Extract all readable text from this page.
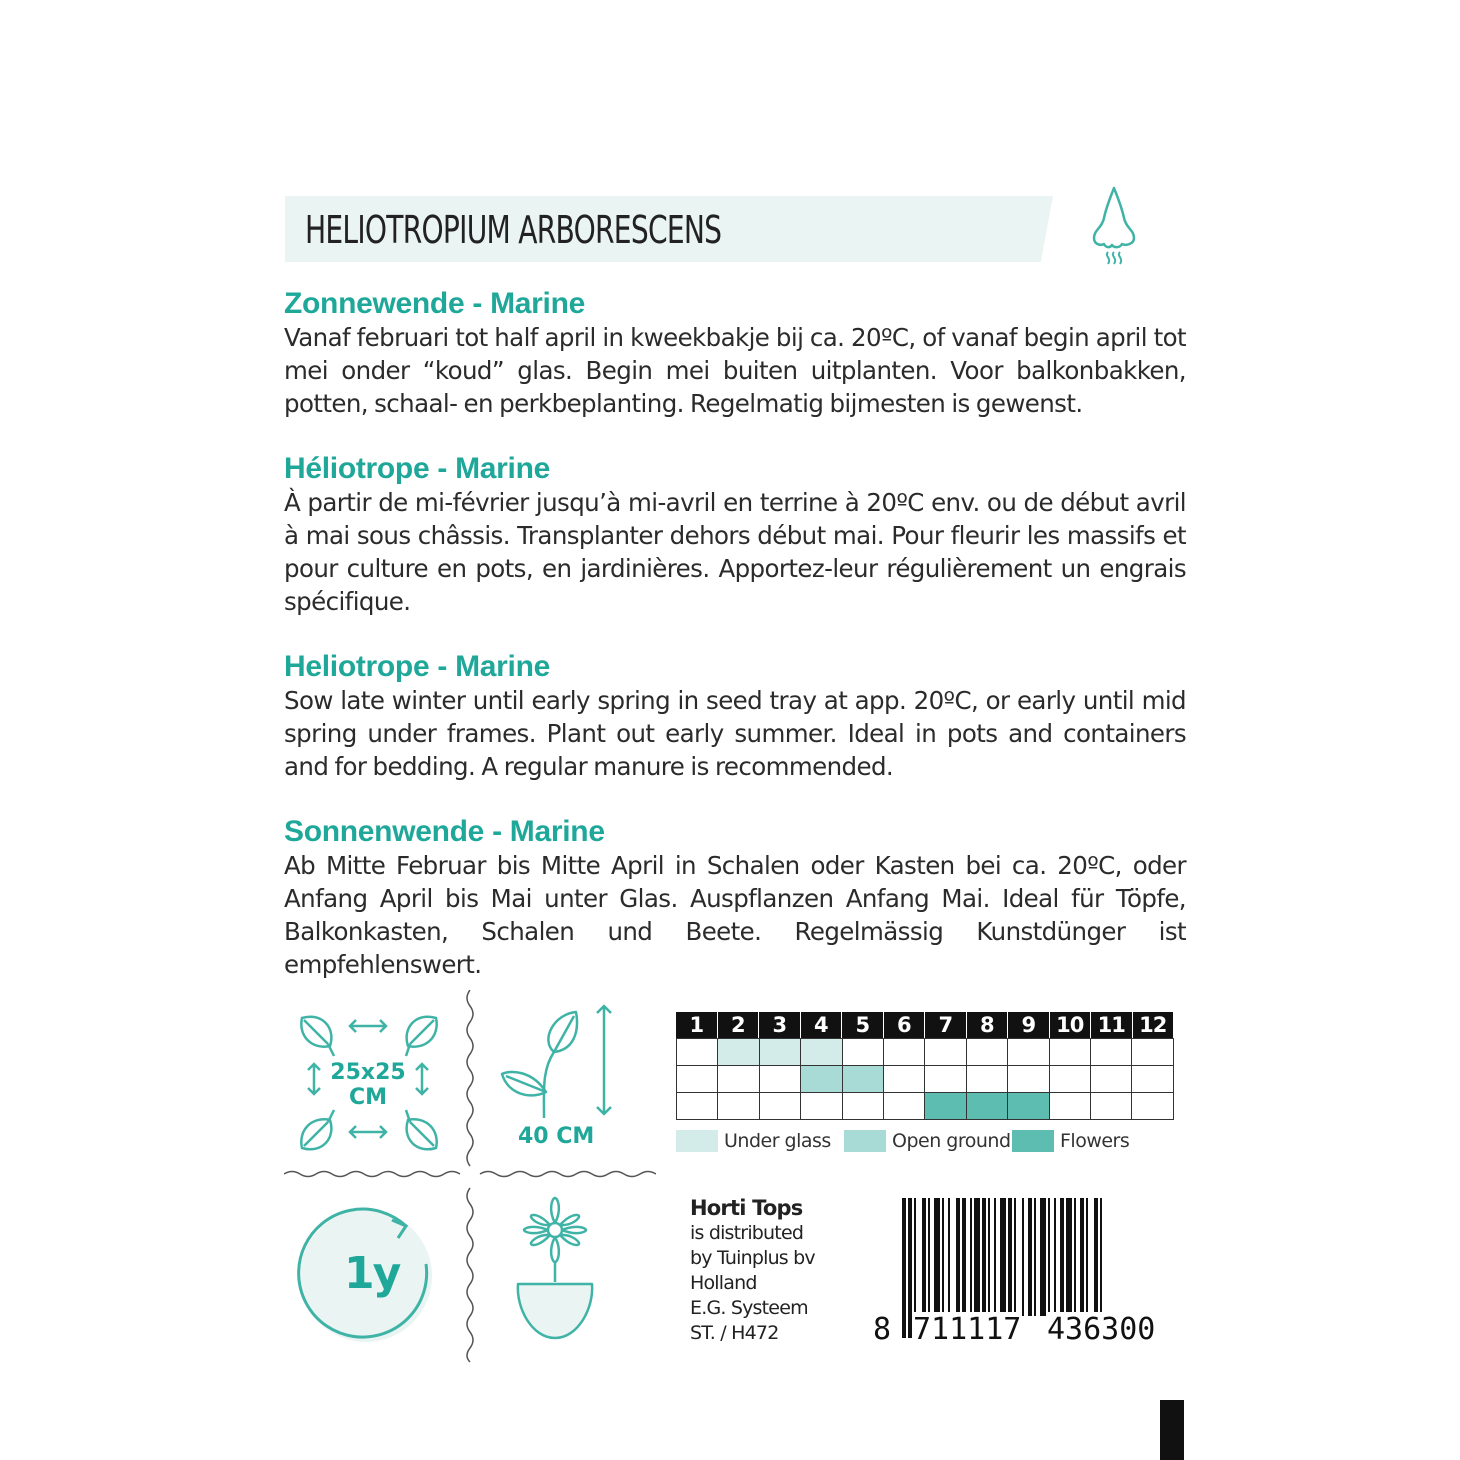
HELIOTROPIUM ARBORESCENS
Zonnewende - Marine

Vanaf februari tot half april in kweekbakje bij ca. 20ºC, of vanaf begin april tot mei onder “koud” glas. Begin mei buiten uitplanten. Voor balkonbakken, potten, schaal- en perkbeplanting. Regelmatig bijmesten is gewenst.

Héliotrope - Marine

À partir de mi-février jusqu’à mi-avril en terrine à 20ºC env. ou de début avril à mai sous châssis. Transplanter dehors début mai. Pour fleurir les massifs et pour culture en pots, en jardinières. Apportez-leur régulièrement un engrais spécifique.

Heliotrope - Marine

Sow late winter until early spring in seed tray at app. 20ºC, or early until mid spring under frames. Plant out early summer. Ideal in pots and containers and for bedding. A regular manure is recommended.

Sonnenwende - Marine

Ab Mitte Februar bis Mitte April in Schalen oder Kasten bei ca. 20ºC, oder Anfang April bis Mai unter Glas. Auspflanzen Anfang Mai. Ideal für Töpfe, Balkonkasten, Schalen und Beete. Regelmässig Kunstdünger ist empfehlenswert.

25x25
CM
40 CM
1y
1	2	3	4	5	6	7	8	9	10 11 12
Under glass	Open ground	Flowers
Horti Tops
is distributed
by Tuinplus bv
Holland
E.G. Systeem
ST. / H472	8 711117 436300
